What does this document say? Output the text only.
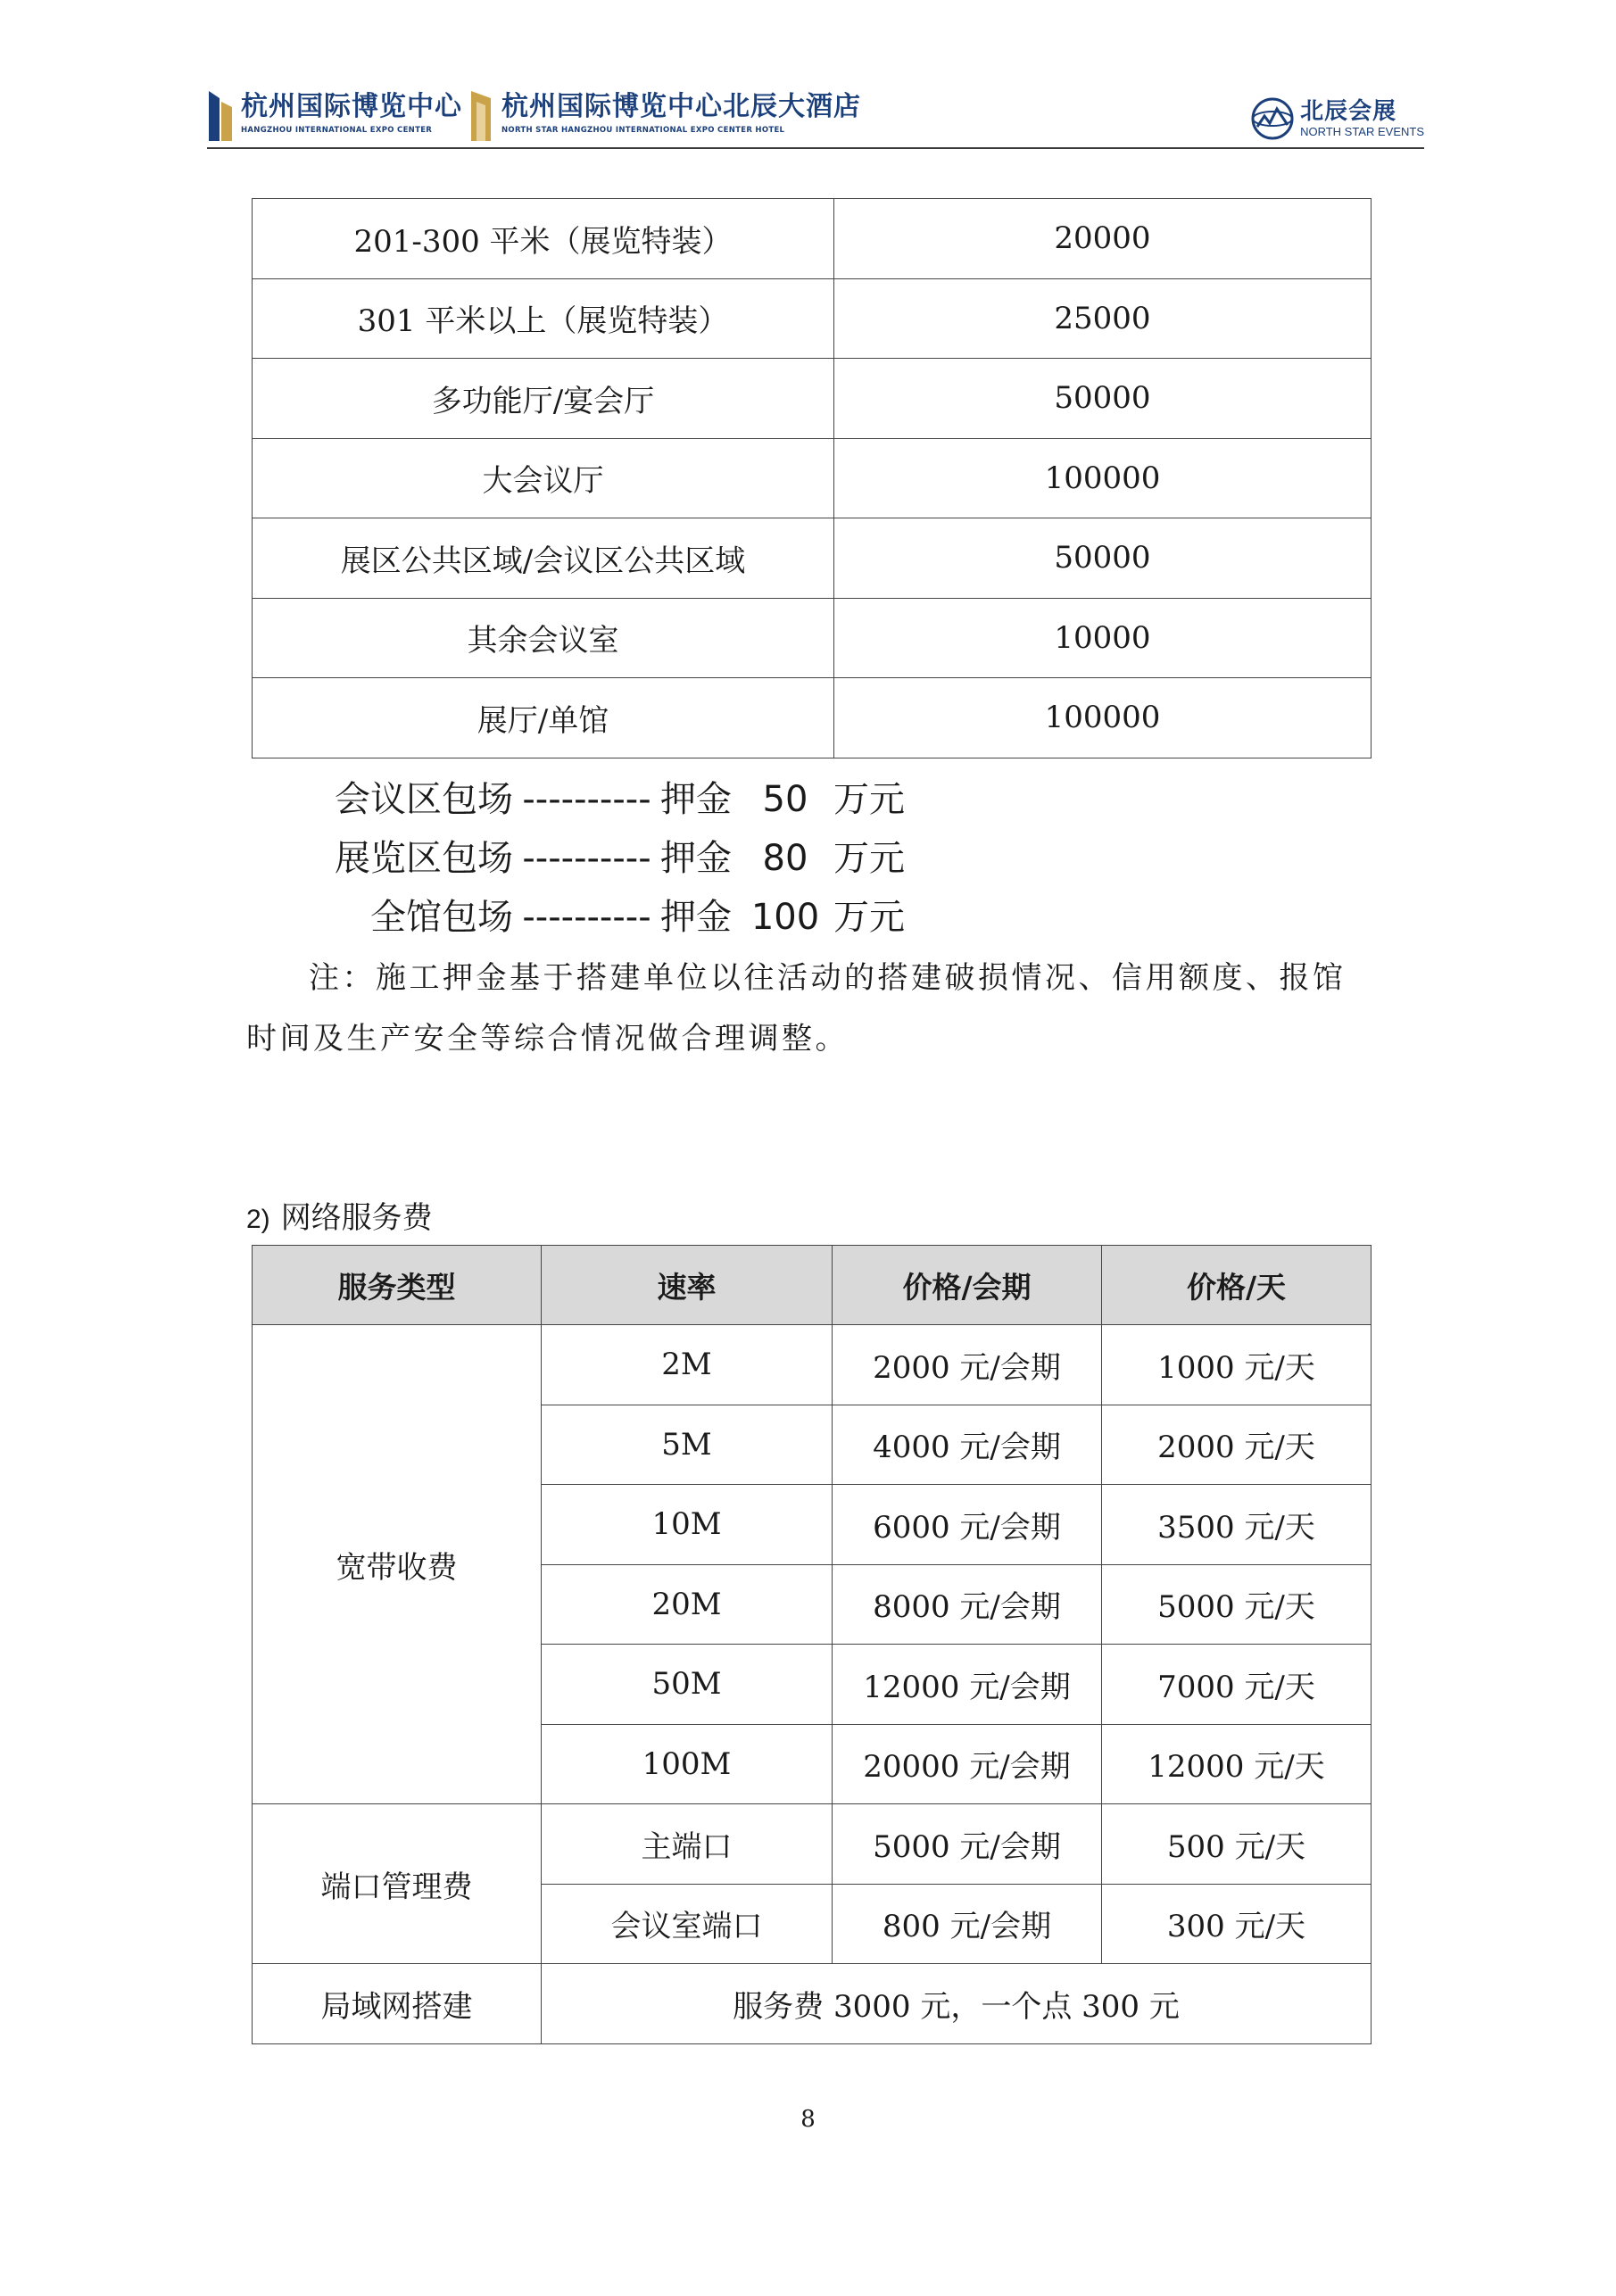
杭州国际博览中心
HANGZHOU INTERNATIONAL EXPO CENTER
杭州国际博览中心北辰大酒店
NORTH STAR HANGZHOU INTERNATIONAL EXPO CENTER HOTEL
北辰会展
NORTH STAR EVENTS
201-300 平米（展览特装）	20000
301 平米以上（展览特装）	25000
多功能厅/宴会厅	50000
大会议厅	100000
展区公共区域/会议区公共区域	50000
其余会议室	10000
展厅/单馆	100000
会议区包场 ---------- 押金 50 万元
展览区包场 ---------- 押金 80 万元
全馆包场 ---------- 押金 100 万元
注：施工押金基于搭建单位以往活动的搭建破损情况、信用额度、报馆时间及生产安全等综合情况做合理调整。
2) 网络服务费
服务类型	速率	价格/会期	价格/天
宽带收费	2M	2000 元/会期	1000 元/天
	5M	4000 元/会期	2000 元/天
	10M	6000 元/会期	3500 元/天
	20M	8000 元/会期	5000 元/天
	50M	12000 元/会期	7000 元/天
	100M	20000 元/会期	12000 元/天
端口管理费	主端口	5000 元/会期	500 元/天
	会议室端口	800 元/会期	300 元/天
局域网搭建	服务费 3000 元，一个点 300 元		
8
